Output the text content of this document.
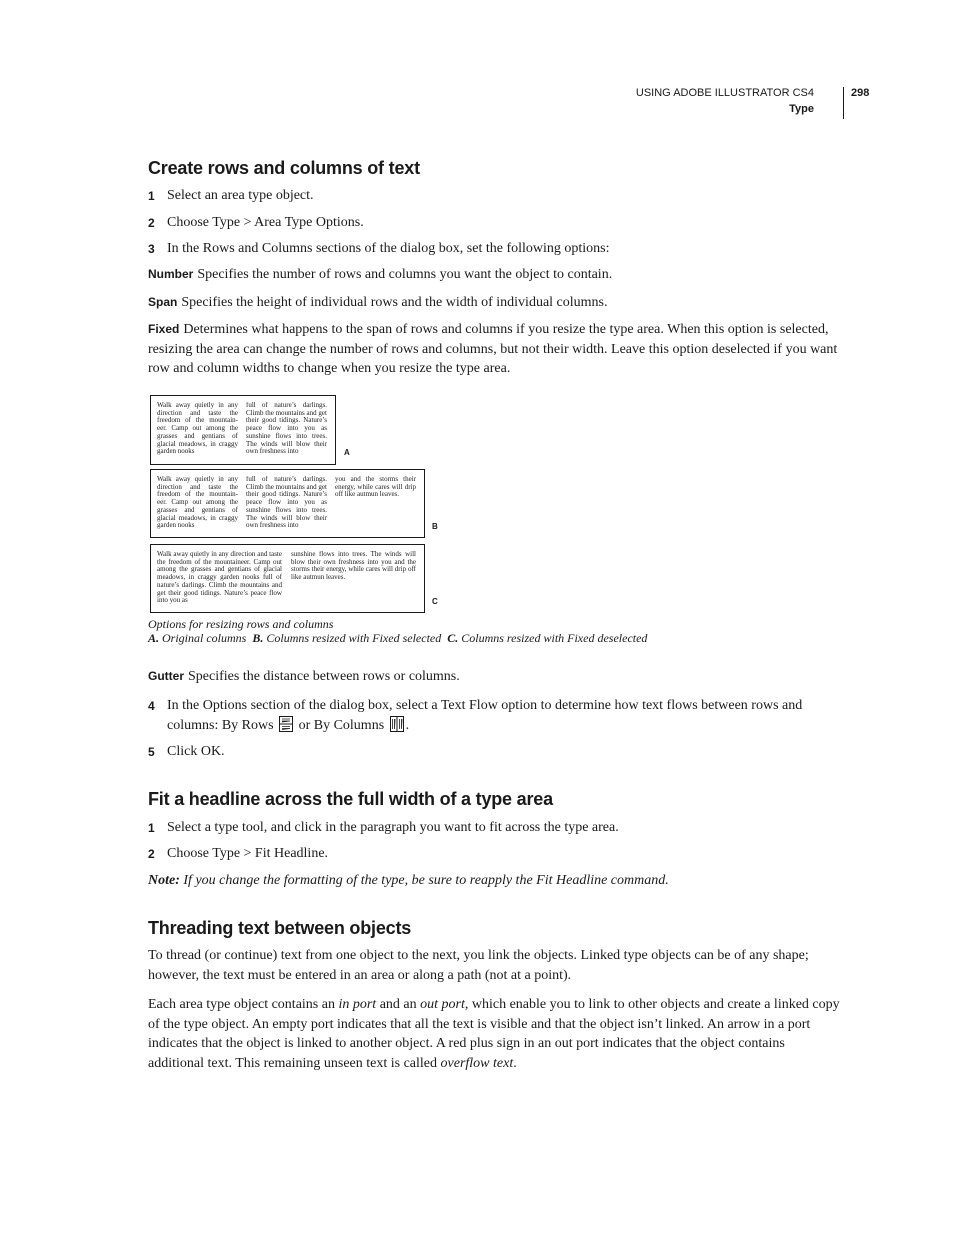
USING ADOBE ILLUSTRATOR CS4
Type
298
Create rows and columns of text
1 Select an area type object.
2 Choose Type > Area Type Options.
3 In the Rows and Columns sections of the dialog box, set the following options:
Number Specifies the number of rows and columns you want the object to contain.
Span Specifies the height of individual rows and the width of individual columns.
Fixed Determines what happens to the span of rows and columns if you resize the type area. When this option is selected, resizing the area can change the number of rows and columns, but not their width. Leave this option deselected if you want row and column widths to change when you resize the type area.
Gutter Specifies the distance between rows or columns.
4 In the Options section of the dialog box, select a Text Flow option to determine how text flows between rows and columns: By Rows or By Columns .
5 Click OK.
Fit a headline across the full width of a type area
1 Select a type tool, and click in the paragraph you want to fit across the type area.
2 Choose Type > Fit Headline.
Note: If you change the formatting of the type, be sure to reapply the Fit Headline command.
Threading text between objects
To thread (or continue) text from one object to the next, you link the objects. Linked type objects can be of any shape; however, the text must be entered in an area or along a path (not at a point).
Each area type object contains an in port and an out port, which enable you to link to other objects and create a linked copy of the type object. An empty port indicates that all the text is visible and that the object isn’t linked. An arrow in a port indicates that the object is linked to another object. A red plus sign in an out port indicates that the object contains additional text. This remaining unseen text is called overflow text.
Walk away quietly in any direction and taste the freedom of the mountain-eer. Camp out among the grasses and gentians of glacial meadows, in craggy garden nooks
full of nature’s darlings. Climb the mountains and get their good tidings. Nature’s peace flow into you as sunshine flows into trees. The winds will blow their own freshness into	A
Walk away quietly in any direction and taste the freedom of the mountain-eer. Camp out among the grasses and gentians of glacial meadows, in craggy garden nooks
full of nature’s darlings. Climb the mountains and get their good tidings. Nature’s peace flow into you as sunshine flows into trees. The winds will blow their own freshness into
you and the storms their energy, while cares will drip off like autmun leaves.
B
Walk away quietly in any direction and taste the freedom of the mountaineer. Camp out among the grasses and gentians of glacial meadows, in craggy garden nooks full of nature’s darlings. Climb the mountains and get their good tidings. Nature’s peace flow into you as
sunshine flows into trees. The winds will blow their own freshness into you and the storms their energy, while cares will drip off like autmun leaves.
C
Options for resizing rows and columns
A. Original columns B. Columns resized with Fixed selected C. Columns resized with Fixed deselected
